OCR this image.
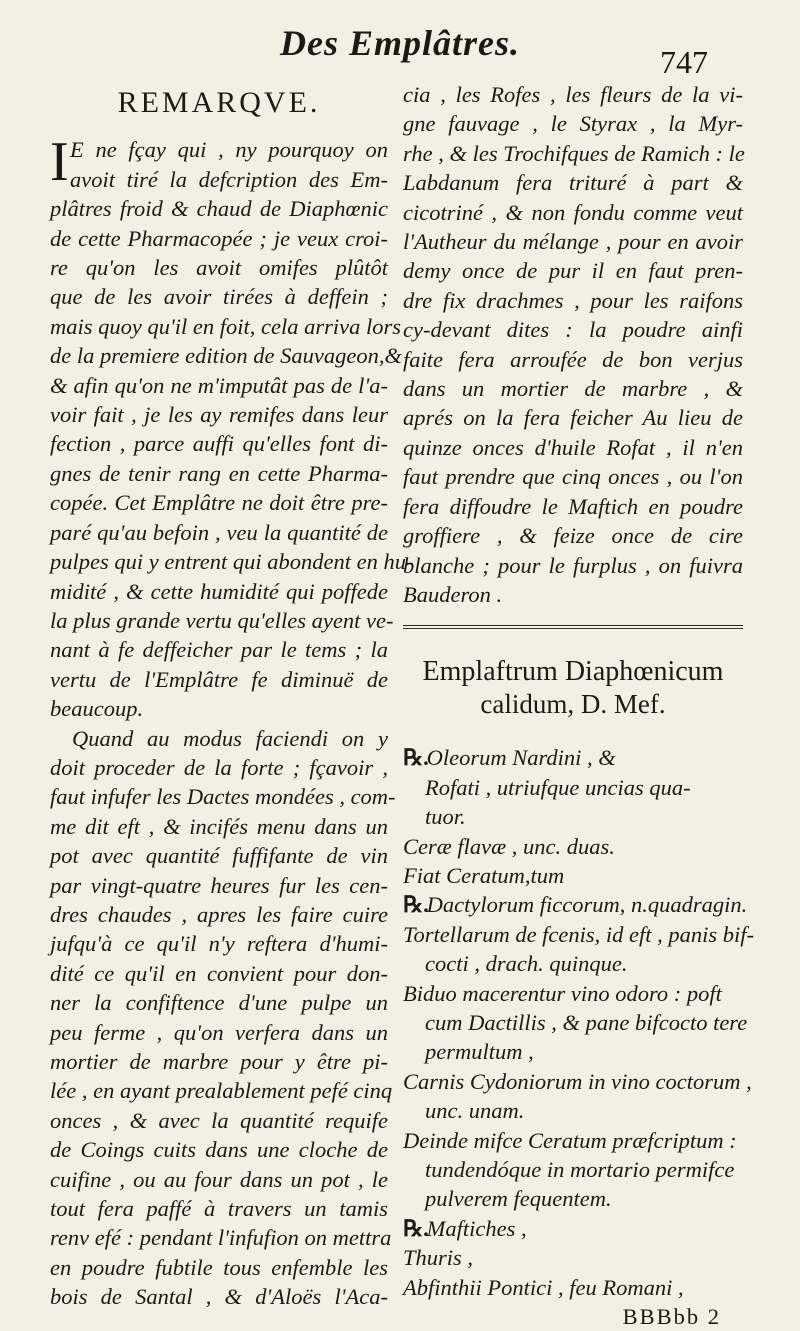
Des Emplâtres.	747
REMARQVE.
I E ne fçay qui , ny pourquoy on
avoit tiré la defcription des Em-
plâtres froid & chaud de Diaphœnic
de cette Pharmacopée ; je veux croi-
re qu'on les avoit omifes plûtôt
que de les avoir tirées à deffein ;
mais quoy qu'il en foit, cela arriva lors
de la premiere edition de Sauvageon,&
& afin qu'on ne m'imputât pas de l'a-
voir fait , je les ay remifes dans leur
fection , parce auffi qu'elles font di-
gnes de tenir rang en cette Pharma-
copée. Cet Emplâtre ne doit être pre-
paré qu'au befoin , veu la quantité de
pulpes qui y entrent qui abondent en hu-
midité , & cette humidité qui poffede
la plus grande vertu qu'elles ayent ve-
nant à fe deffeicher par le tems ; la
vertu de l'Emplâtre fe diminuë de
beaucoup.
Quand au modus faciendi on y
doit proceder de la forte ; fçavoir ,
faut infufer les Dactes mondées , com-
me dit eft , & incifés menu dans un
pot avec quantité fuffifante de vin
par vingt-quatre heures fur les cen-
dres chaudes , apres les faire cuire
jufqu'à ce qu'il n'y reftera d'humi-
dité ce qu'il en convient pour don-
ner la confiftence d'une pulpe un
peu ferme , qu'on verfera dans un
mortier de marbre pour y être pi-
lée , en ayant prealablement pefé cinq
onces , & avec la quantité requife
de Coings cuits dans une cloche de
cuifine , ou au four dans un pot , le
tout fera paffé à travers un tamis
renv efé : pendant l'infufion on mettra
en poudre fubtile tous enfemble les
bois de Santal , & d'Aloës l'Aca-
cia , les Rofes , les fleurs de la vi-
gne fauvage , le Styrax , la Myr-
rhe , & les Trochifques de Ramich : le
Labdanum fera trituré à part &
cicotriné , & non fondu comme veut
l'Autheur du mélange , pour en avoir
demy once de pur il en faut pren-
dre fix drachmes , pour les raifons
cy-devant dites : la poudre ainfi
faite fera arroufée de bon verjus
dans un mortier de marbre , &
aprés on la fera feicher Au lieu de
quinze onces d'huile Rofat , il n'en
faut prendre que cinq onces , ou l'on
fera diffoudre le Maftich en poudre
groffiere , & feize once de cire
blanche ; pour le furplus , on fuivra
Bauderon .
Emplaftrum Diaphœnicum
calidum, D. Mef.
℞. Oleorum Nardini , &
Rofati , utriufque uncias qua-
tuor.
Ceræ flavæ , unc. duas.
Fiat Ceratum,tum
℞. Dactylorum ficcorum, n.quadragin.
Tortellarum de fcenis, id eft , panis bif-
cocti , drach. quinque.
Biduo macerentur vino odoro : poft
cum Dactillis , & pane bifcocto tere
permultum ,
Carnis Cydoniorum in vino coctorum ,
unc. unam.
Deinde mifce Ceratum præfcriptum :
tundendóque in mortario permifce
pulverem fequentem.
℞. Maftiches ,
Thuris ,
Abfinthii Pontici , feu Romani ,
BBBbb 2
